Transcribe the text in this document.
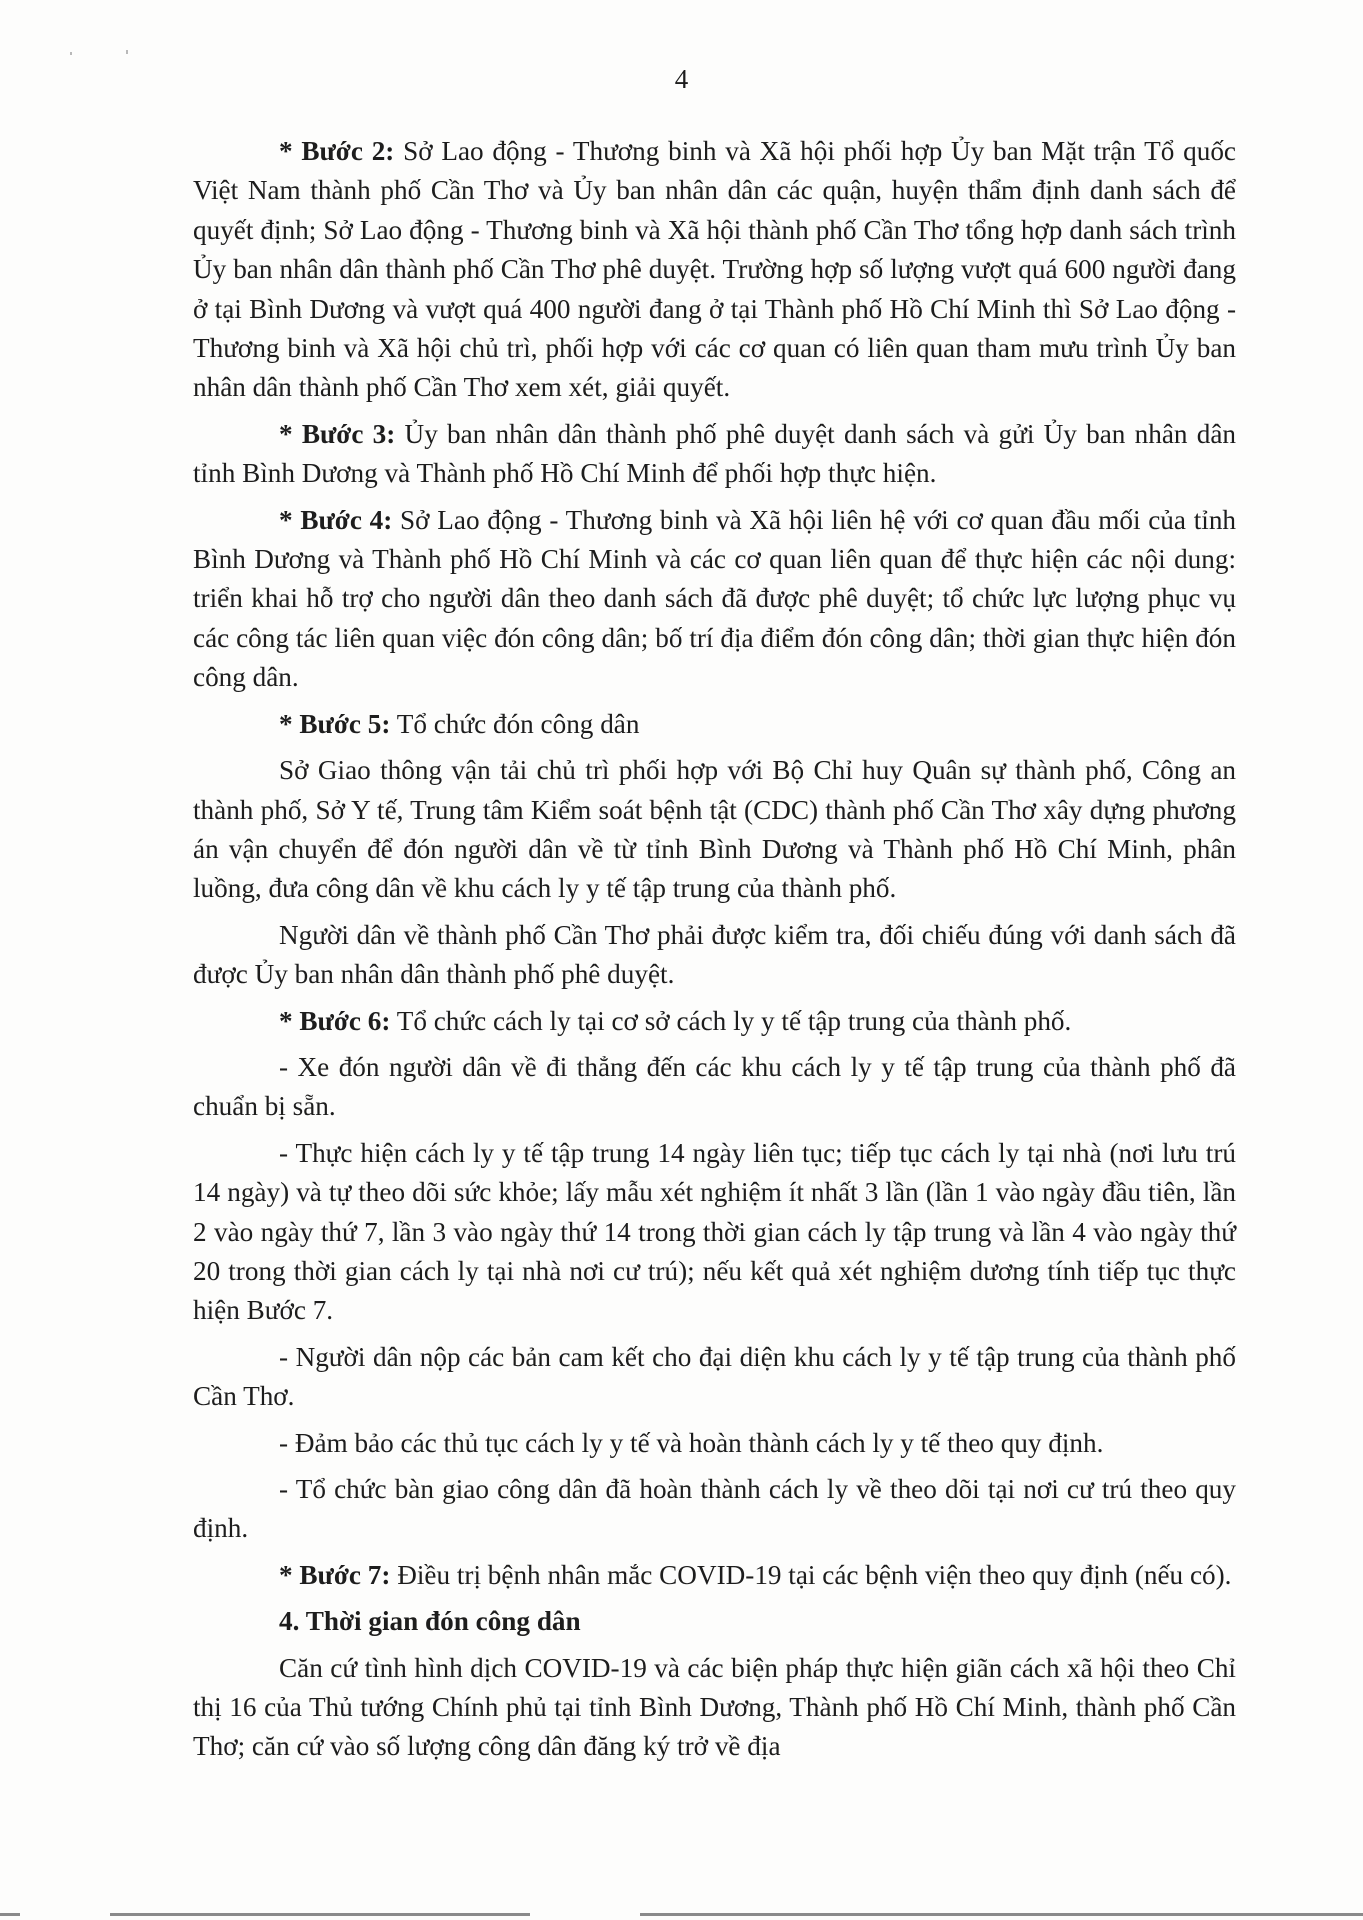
4

* Bước 2: Sở Lao động - Thương binh và Xã hội phối hợp Ủy ban Mặt trận Tổ quốc Việt Nam thành phố Cần Thơ và Ủy ban nhân dân các quận, huyện thẩm định danh sách để quyết định; Sở Lao động - Thương binh và Xã hội thành phố Cần Thơ tổng hợp danh sách trình Ủy ban nhân dân thành phố Cần Thơ phê duyệt. Trường hợp số lượng vượt quá 600 người đang ở tại Bình Dương và vượt quá 400 người đang ở tại Thành phố Hồ Chí Minh thì Sở Lao động - Thương binh và Xã hội chủ trì, phối hợp với các cơ quan có liên quan tham mưu trình Ủy ban nhân dân thành phố Cần Thơ xem xét, giải quyết.

* Bước 3: Ủy ban nhân dân thành phố phê duyệt danh sách và gửi Ủy ban nhân dân tỉnh Bình Dương và Thành phố Hồ Chí Minh để phối hợp thực hiện.

* Bước 4: Sở Lao động - Thương binh và Xã hội liên hệ với cơ quan đầu mối của tỉnh Bình Dương và Thành phố Hồ Chí Minh và các cơ quan liên quan để thực hiện các nội dung: triển khai hỗ trợ cho người dân theo danh sách đã được phê duyệt; tổ chức lực lượng phục vụ các công tác liên quan việc đón công dân; bố trí địa điểm đón công dân; thời gian thực hiện đón công dân.

* Bước 5: Tổ chức đón công dân

Sở Giao thông vận tải chủ trì phối hợp với Bộ Chỉ huy Quân sự thành phố, Công an thành phố, Sở Y tế, Trung tâm Kiểm soát bệnh tật (CDC) thành phố Cần Thơ xây dựng phương án vận chuyển để đón người dân về từ tỉnh Bình Dương và Thành phố Hồ Chí Minh, phân luồng, đưa công dân về khu cách ly y tế tập trung của thành phố.

Người dân về thành phố Cần Thơ phải được kiểm tra, đối chiếu đúng với danh sách đã được Ủy ban nhân dân thành phố phê duyệt.

* Bước 6: Tổ chức cách ly tại cơ sở cách ly y tế tập trung của thành phố.

- Xe đón người dân về đi thẳng đến các khu cách ly y tế tập trung của thành phố đã chuẩn bị sẵn.

- Thực hiện cách ly y tế tập trung 14 ngày liên tục; tiếp tục cách ly tại nhà (nơi lưu trú 14 ngày) và tự theo dõi sức khỏe; lấy mẫu xét nghiệm ít nhất 3 lần (lần 1 vào ngày đầu tiên, lần 2 vào ngày thứ 7, lần 3 vào ngày thứ 14 trong thời gian cách ly tập trung và lần 4 vào ngày thứ 20 trong thời gian cách ly tại nhà nơi cư trú); nếu kết quả xét nghiệm dương tính tiếp tục thực hiện Bước 7.

- Người dân nộp các bản cam kết cho đại diện khu cách ly y tế tập trung của thành phố Cần Thơ.

- Đảm bảo các thủ tục cách ly y tế và hoàn thành cách ly y tế theo quy định.

- Tổ chức bàn giao công dân đã hoàn thành cách ly về theo dõi tại nơi cư trú theo quy định.

* Bước 7: Điều trị bệnh nhân mắc COVID-19 tại các bệnh viện theo quy định (nếu có).

4. Thời gian đón công dân

Căn cứ tình hình dịch COVID-19 và các biện pháp thực hiện giãn cách xã hội theo Chỉ thị 16 của Thủ tướng Chính phủ tại tỉnh Bình Dương, Thành phố Hồ Chí Minh, thành phố Cần Thơ; căn cứ vào số lượng công dân đăng ký trở về địa
